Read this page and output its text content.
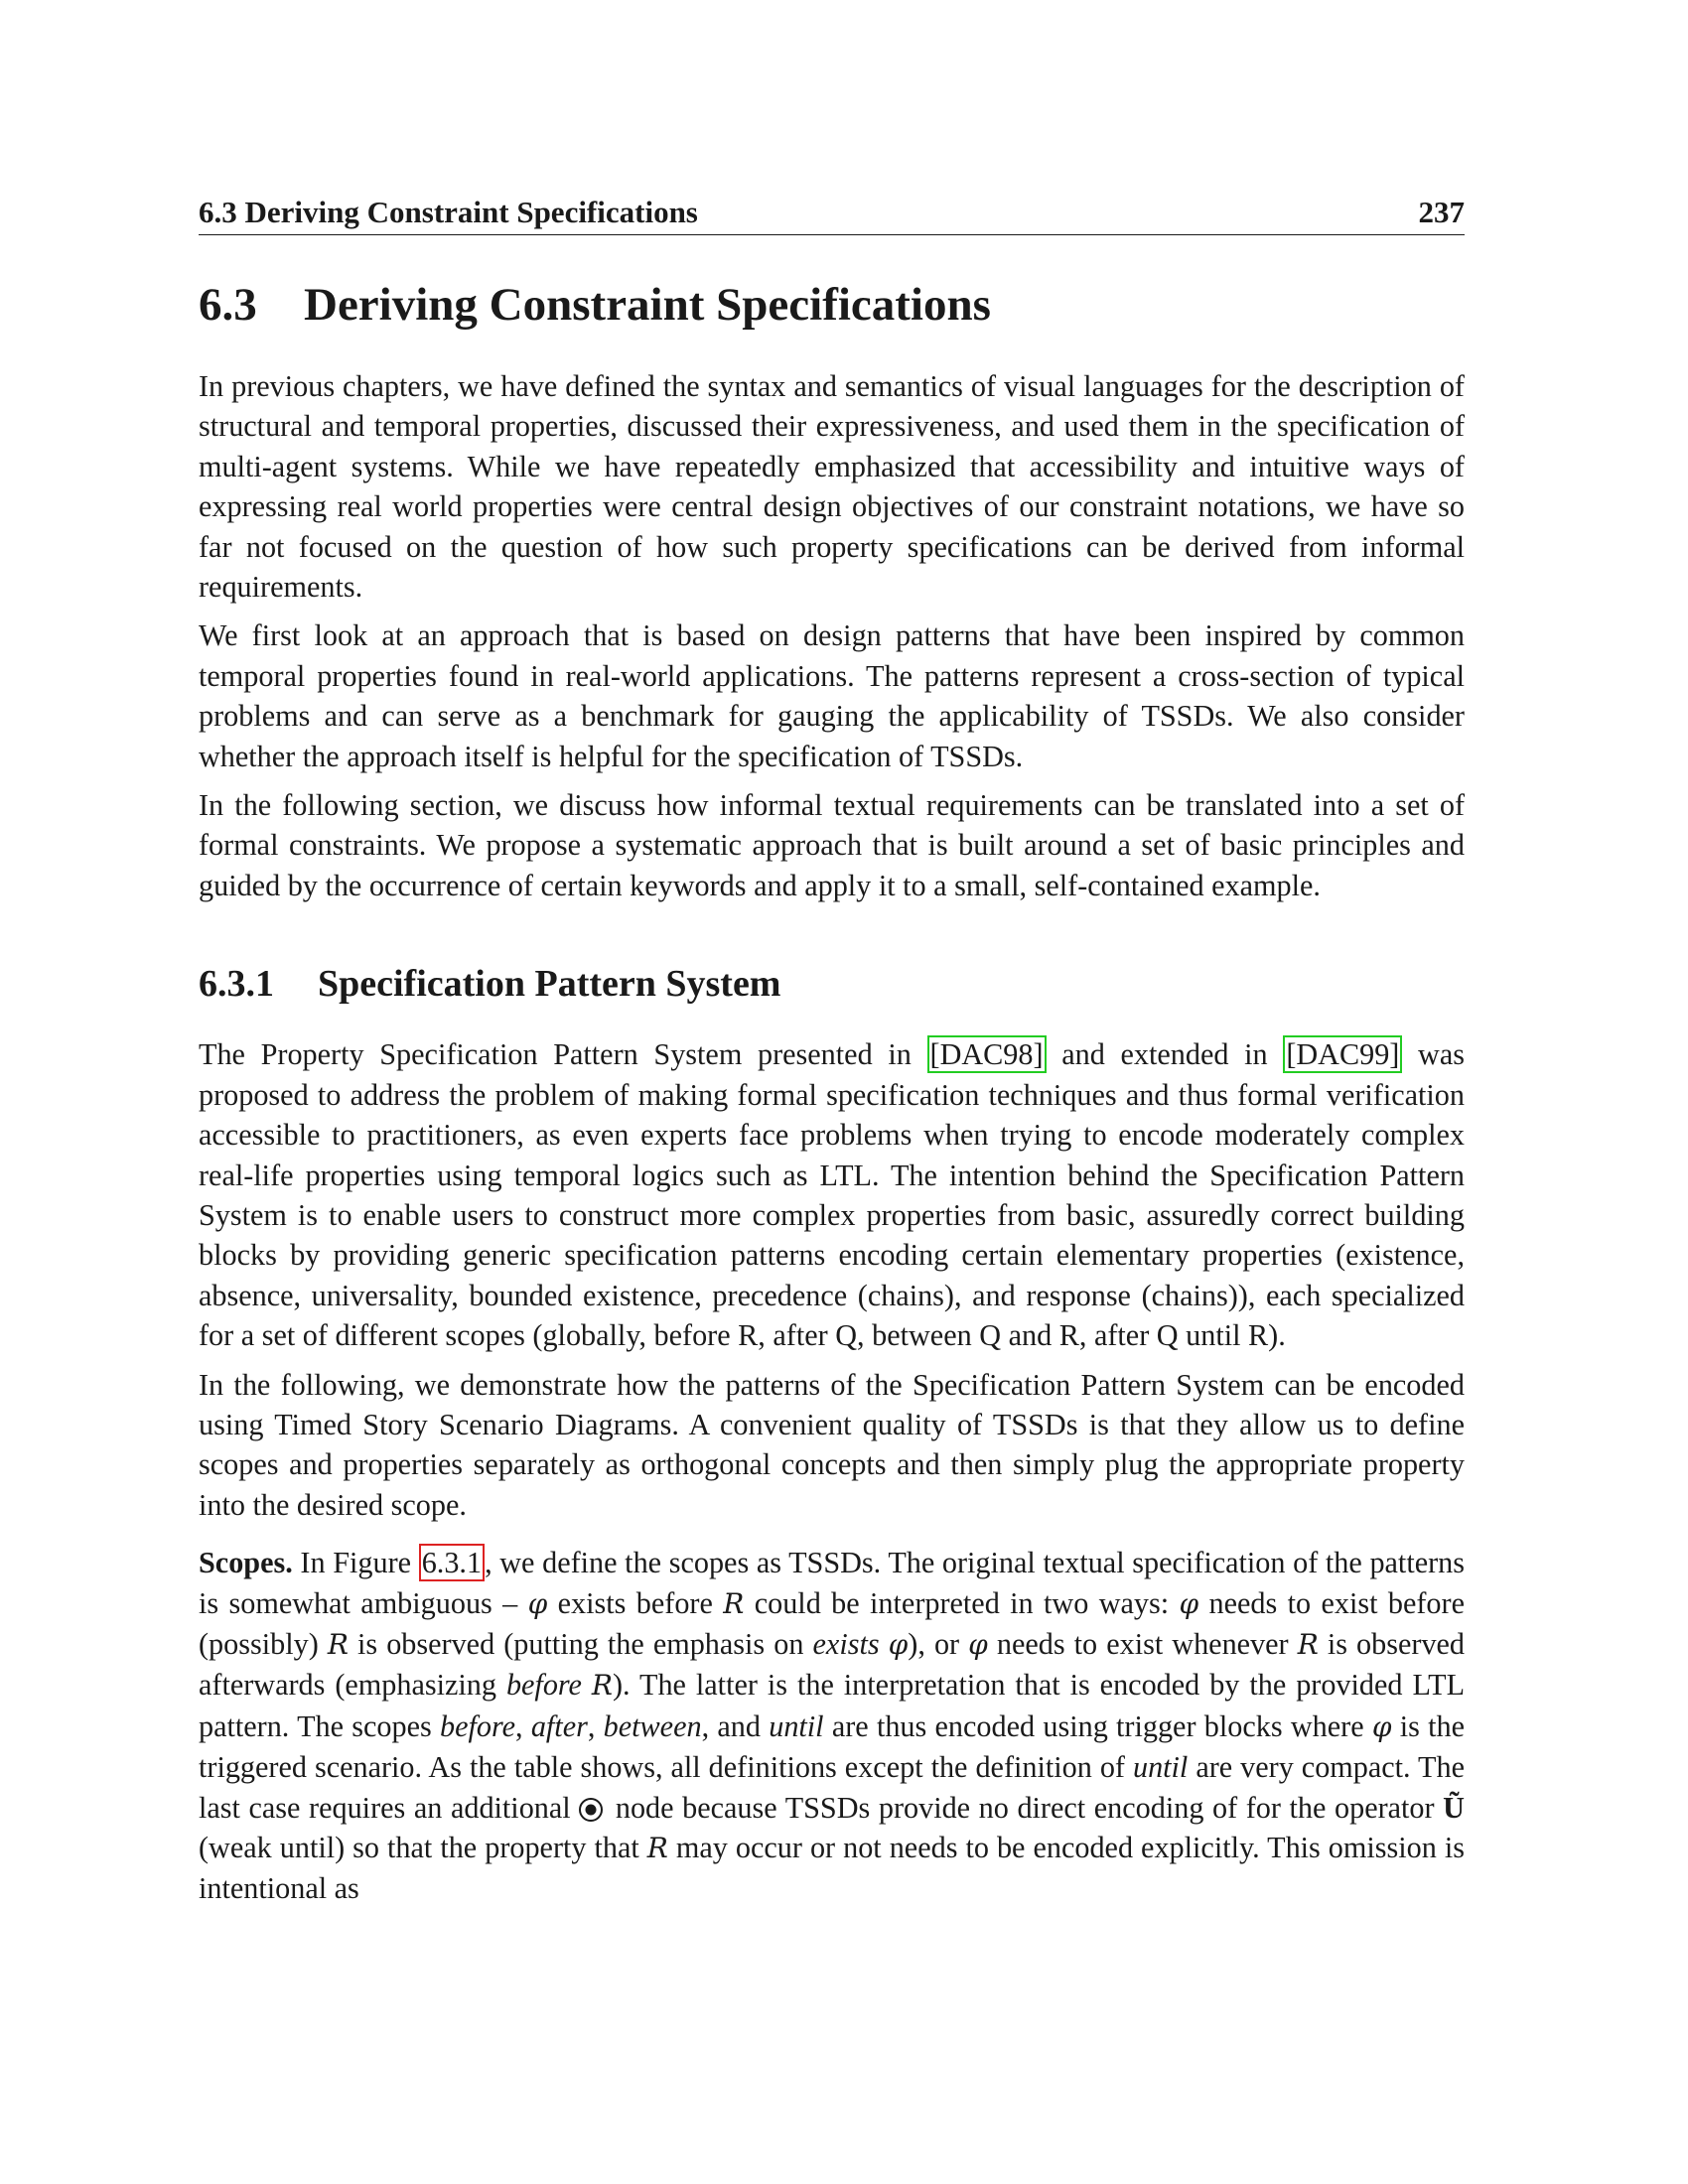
6.3 Deriving Constraint Specifications	237
6.3 Deriving Constraint Specifications

In previous chapters, we have defined the syntax and semantics of visual languages for the description of structural and temporal properties, discussed their expressiveness, and used them in the specification of multi-agent systems. While we have repeatedly emphasized that accessibility and intuitive ways of expressing real world properties were central design objectives of our constraint notations, we have so far not focused on the question of how such property specifications can be derived from informal requirements.

We first look at an approach that is based on design patterns that have been inspired by common temporal properties found in real-world applications. The patterns represent a cross-section of typical problems and can serve as a benchmark for gauging the applicability of TSSDs. We also consider whether the approach itself is helpful for the specification of TSSDs.

In the following section, we discuss how informal textual requirements can be translated into a set of formal constraints. We propose a systematic approach that is built around a set of basic principles and guided by the occurrence of certain keywords and apply it to a small, self-contained example.

6.3.1 Specification Pattern System

The Property Specification Pattern System presented in [DAC98] and extended in [DAC99] was proposed to address the problem of making formal specification techniques and thus formal verification accessible to practitioners, as even experts face problems when trying to encode moderately complex real-life properties using temporal logics such as LTL. The intention behind the Specification Pattern System is to enable users to construct more complex properties from basic, assuredly correct building blocks by providing generic specification patterns encoding certain elementary properties (existence, absence, universality, bounded existence, precedence (chains), and response (chains)), each specialized for a set of different scopes (globally, before R, after Q, between Q and R, after Q until R).

In the following, we demonstrate how the patterns of the Specification Pattern System can be encoded using Timed Story Scenario Diagrams. A convenient quality of TSSDs is that they allow us to define scopes and properties separately as orthogonal concepts and then simply plug the appropriate property into the desired scope.

Scopes. In Figure 6.3.1, we define the scopes as TSSDs. The original textual specification of the patterns is somewhat ambiguous – φ exists before R could be interpreted in two ways: φ needs to exist before (possibly) R is observed (putting the emphasis on exists φ), or φ needs to exist whenever R is observed afterwards (emphasizing before R). The latter is the interpretation that is encoded by the provided LTL pattern. The scopes before, after, between, and until are thus encoded using trigger blocks where φ is the triggered scenario. As the table shows, all definitions except the definition of until are very compact. The last case requires an additional  node because TSSDs provide no direct encoding of for the operator Ũ (weak until) so that the property that R may occur or not needs to be encoded explicitly. This omission is intentional as
